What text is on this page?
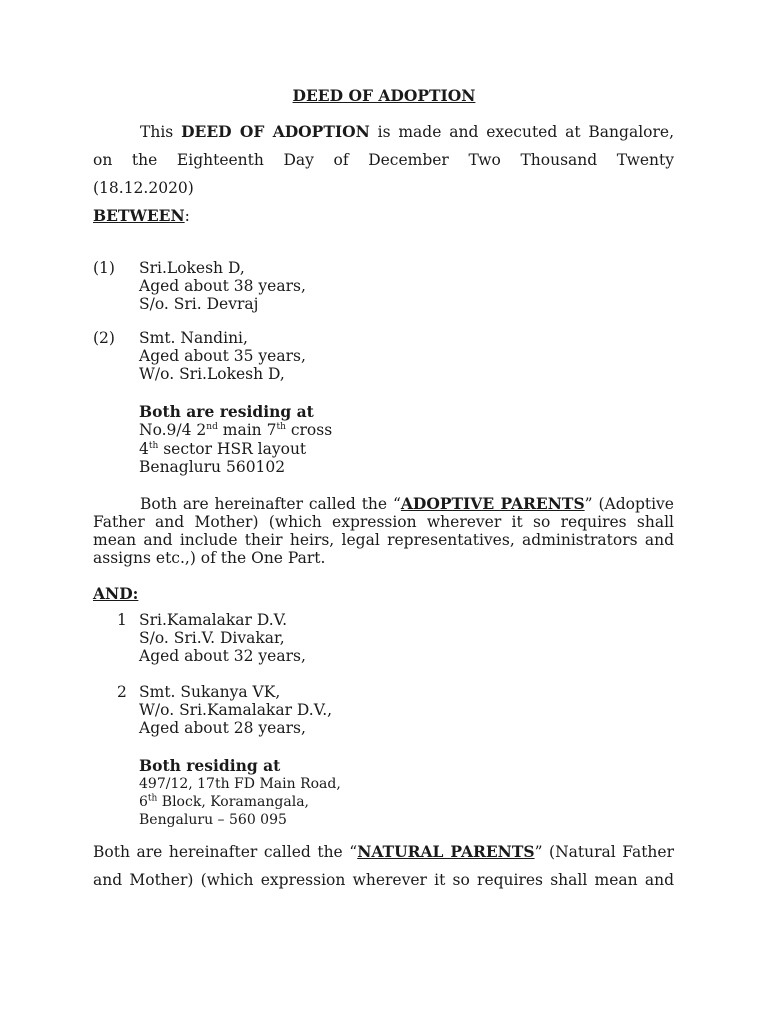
DEED OF ADOPTION
This DEED OF ADOPTION is made and executed at Bangalore,
on the Eighteenth Day of December Two Thousand Twenty
(18.12.2020)
BETWEEN:
(1) Sri.Lokesh D,
Aged about 38 years,
S/o. Sri. Devraj
(2) Smt. Nandini,
Aged about 35 years,
W/o. Sri.Lokesh D,
Both are residing at
No.9/4 2nd main 7th cross
4th sector HSR layout
Benagluru 560102
Both are hereinafter called the “ADOPTIVE PARENTS” (Adoptive
Father and Mother) (which expression wherever it so requires shall
mean and include their heirs, legal representatives, administrators and
assigns etc.,) of the One Part.
AND:
1 Sri.Kamalakar D.V.
S/o. Sri.V. Divakar,
Aged about 32 years,
2 Smt. Sukanya VK,
W/o. Sri.Kamalakar D.V.,
Aged about 28 years,
Both residing at
497/12, 17th FD Main Road,
6th Block, Koramangala,
Bengaluru – 560 095
Both are hereinafter called the “NATURAL PARENTS” (Natural Father
and Mother) (which expression wherever it so requires shall mean and
